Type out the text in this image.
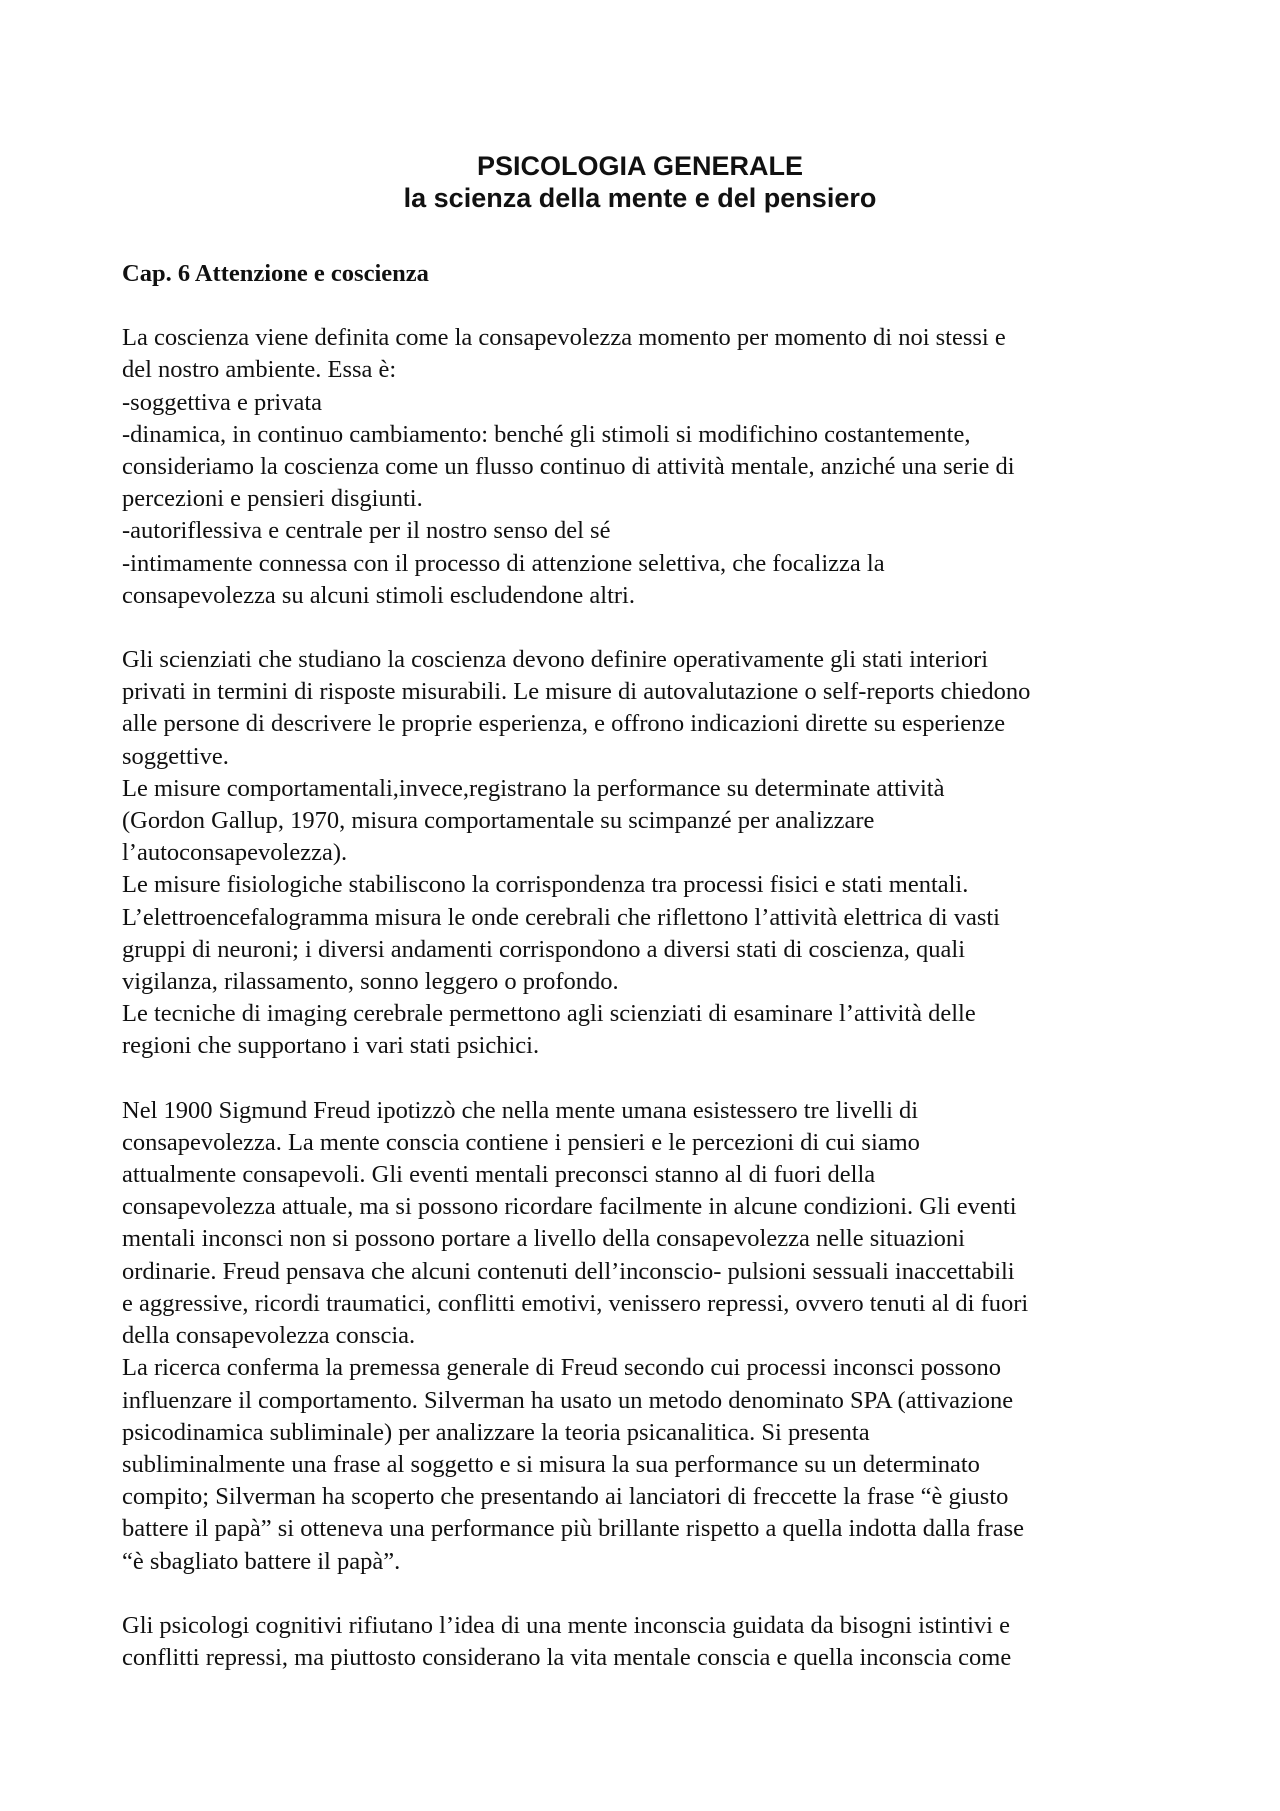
PSICOLOGIA GENERALE
la scienza della mente e del pensiero
Cap. 6 Attenzione e coscienza
La coscienza viene definita come la consapevolezza momento per momento di noi stessi e
del nostro ambiente. Essa è:
-soggettiva e privata
-dinamica, in continuo cambiamento: benché gli stimoli si modifichino costantemente,
consideriamo la coscienza come un flusso continuo di attività mentale, anziché una serie di
percezioni e pensieri disgiunti.
-autoriflessiva e centrale per il nostro senso del sé
-intimamente connessa con il processo di attenzione selettiva, che focalizza la
consapevolezza su alcuni stimoli escludendone altri.
Gli scienziati che studiano la coscienza devono definire operativamente gli stati interiori
privati in termini di risposte misurabili. Le misure di autovalutazione o self-reports chiedono
alle persone di descrivere le proprie esperienza, e offrono indicazioni dirette su esperienze
soggettive.
Le misure comportamentali,invece,registrano la performance su determinate attività
(Gordon Gallup, 1970, misura comportamentale su scimpanzé per analizzare
l’autoconsapevolezza).
Le misure fisiologiche stabiliscono la corrispondenza tra processi fisici e stati mentali.
L’elettroencefalogramma misura le onde cerebrali che riflettono l’attività elettrica di vasti
gruppi di neuroni; i diversi andamenti corrispondono a diversi stati di coscienza, quali
vigilanza, rilassamento, sonno leggero o profondo.
Le tecniche di imaging cerebrale permettono agli scienziati di esaminare l’attività delle
regioni che supportano i vari stati psichici.
Nel 1900 Sigmund Freud ipotizzò che nella mente umana esistessero tre livelli di
consapevolezza. La mente conscia contiene i pensieri e le percezioni di cui siamo
attualmente consapevoli. Gli eventi mentali preconsci stanno al di fuori della
consapevolezza attuale, ma si possono ricordare facilmente in alcune condizioni. Gli eventi
mentali inconsci non si possono portare a livello della consapevolezza nelle situazioni
ordinarie. Freud pensava che alcuni contenuti dell’inconscio- pulsioni sessuali inaccettabili
e aggressive, ricordi traumatici, conflitti emotivi, venissero repressi, ovvero tenuti al di fuori
della consapevolezza conscia.
La ricerca conferma la premessa generale di Freud secondo cui processi inconsci possono
influenzare il comportamento. Silverman ha usato un metodo denominato SPA (attivazione
psicodinamica subliminale) per analizzare la teoria psicanalitica. Si presenta
subliminalmente una frase al soggetto e si misura la sua performance su un determinato
compito; Silverman ha scoperto che presentando ai lanciatori di freccette la frase “è giusto
battere il papà” si otteneva una performance più brillante rispetto a quella indotta dalla frase
“è sbagliato battere il papà”.
Gli psicologi cognitivi rifiutano l’idea di una mente inconscia guidata da bisogni istintivi e
conflitti repressi, ma piuttosto considerano la vita mentale conscia e quella inconscia come
